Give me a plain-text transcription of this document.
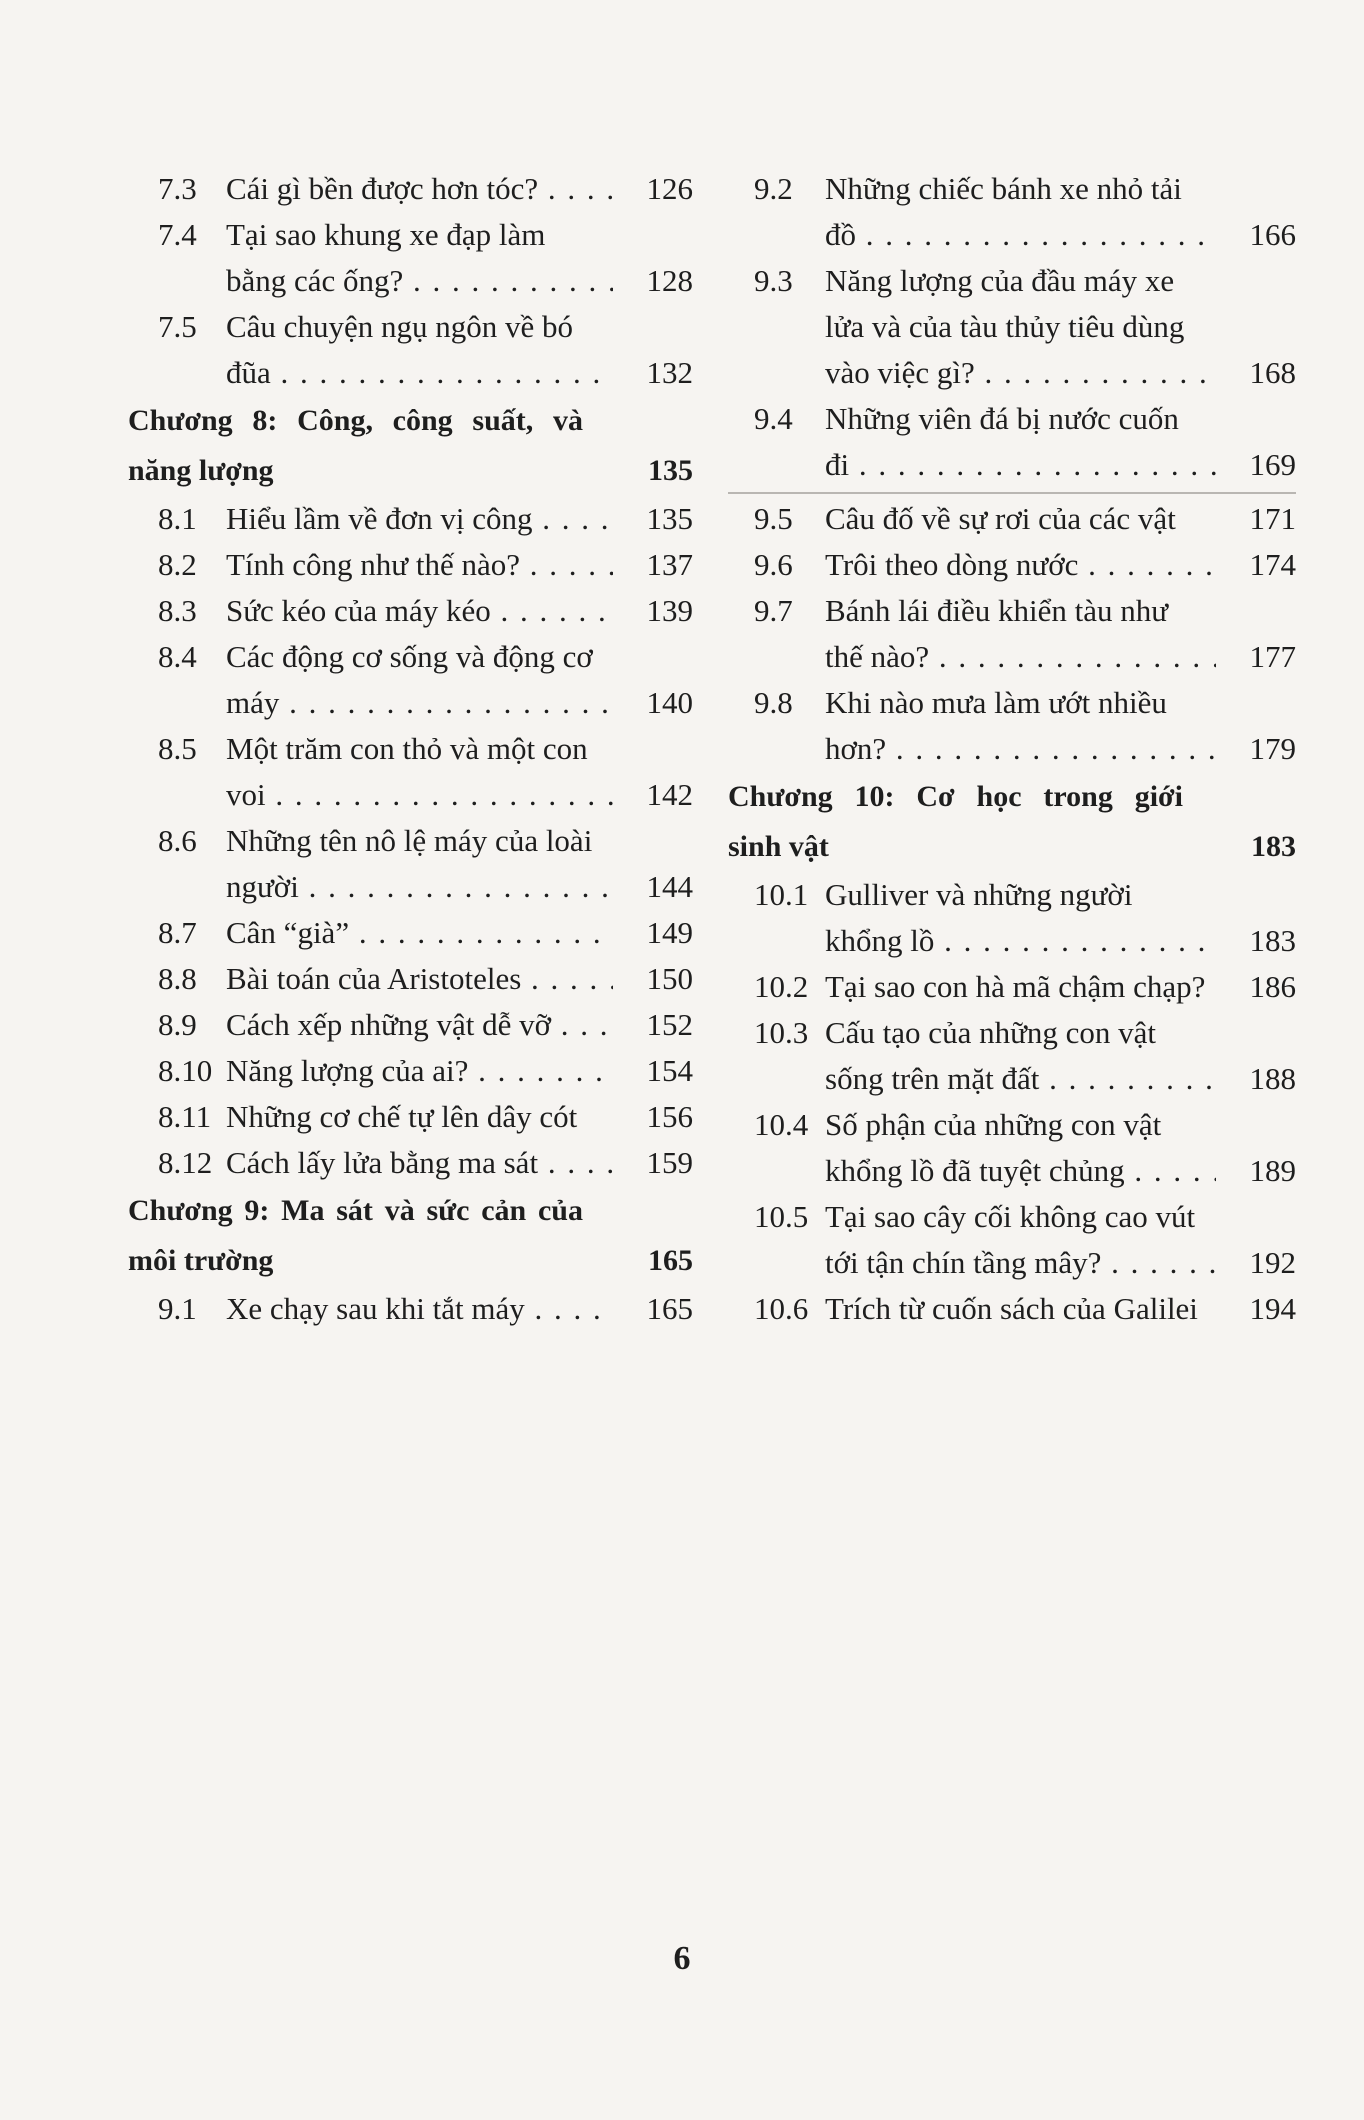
7.3 Cái gì bền được hơn tóc? . . .	126
7.4 Tại sao khung xe đạp làm
bằng các ống? . . .	128
7.5 Câu chuyện ngụ ngôn về bó
đũa . . .	132
Chương 8: Công, công suất, và
năng lượng	135
8.1 Hiểu lầm về đơn vị công . . .	135
8.2 Tính công như thế nào? . . .	137
8.3 Sức kéo của máy kéo . . .	139
8.4 Các động cơ sống và động cơ
máy . . .	140
8.5 Một trăm con thỏ và một con
voi . . .	142
8.6 Những tên nô lệ máy của loài
người . . .	144
8.7 Cân “già” . . .	149
8.8 Bài toán của Aristoteles . . .	150
8.9 Cách xếp những vật dễ vỡ . . .	152
8.10 Năng lượng của ai? . . .	154
8.11 Những cơ chế tự lên dây cót	156
8.12 Cách lấy lửa bằng ma sát . . .	159
Chương 9: Ma sát và sức cản của
môi trường	165
9.1 Xe chạy sau khi tắt máy . . .	165
9.2	Những chiếc bánh xe nhỏ tải
đồ . . .	166
9.3	Năng lượng của đầu máy xe
lửa và của tàu thủy tiêu dùng
vào việc gì? . . .	168
9.4	Những viên đá bị nước cuốn
đi . . .	169
9.5	Câu đố về sự rơi của các vật	171
9.6	Trôi theo dòng nước . . .	174
9.7	Bánh lái điều khiển tàu như
thế nào? . . .	177
9.8	Khi nào mưa làm ướt nhiều
hơn? . . .	179
Chương 10: Cơ học trong giới
sinh vật	183
10.1 Gulliver và những người
khổng lồ . . .	183
10.2 Tại sao con hà mã chậm chạp?	186
10.3 Cấu tạo của những con vật
sống trên mặt đất . . .	188
10.4 Số phận của những con vật
khổng lồ đã tuyệt chủng . . .	189
10.5 Tại sao cây cối không cao vút
tới tận chín tầng mây? . . .	192
10.6 Trích từ cuốn sách của Galilei	194
6
